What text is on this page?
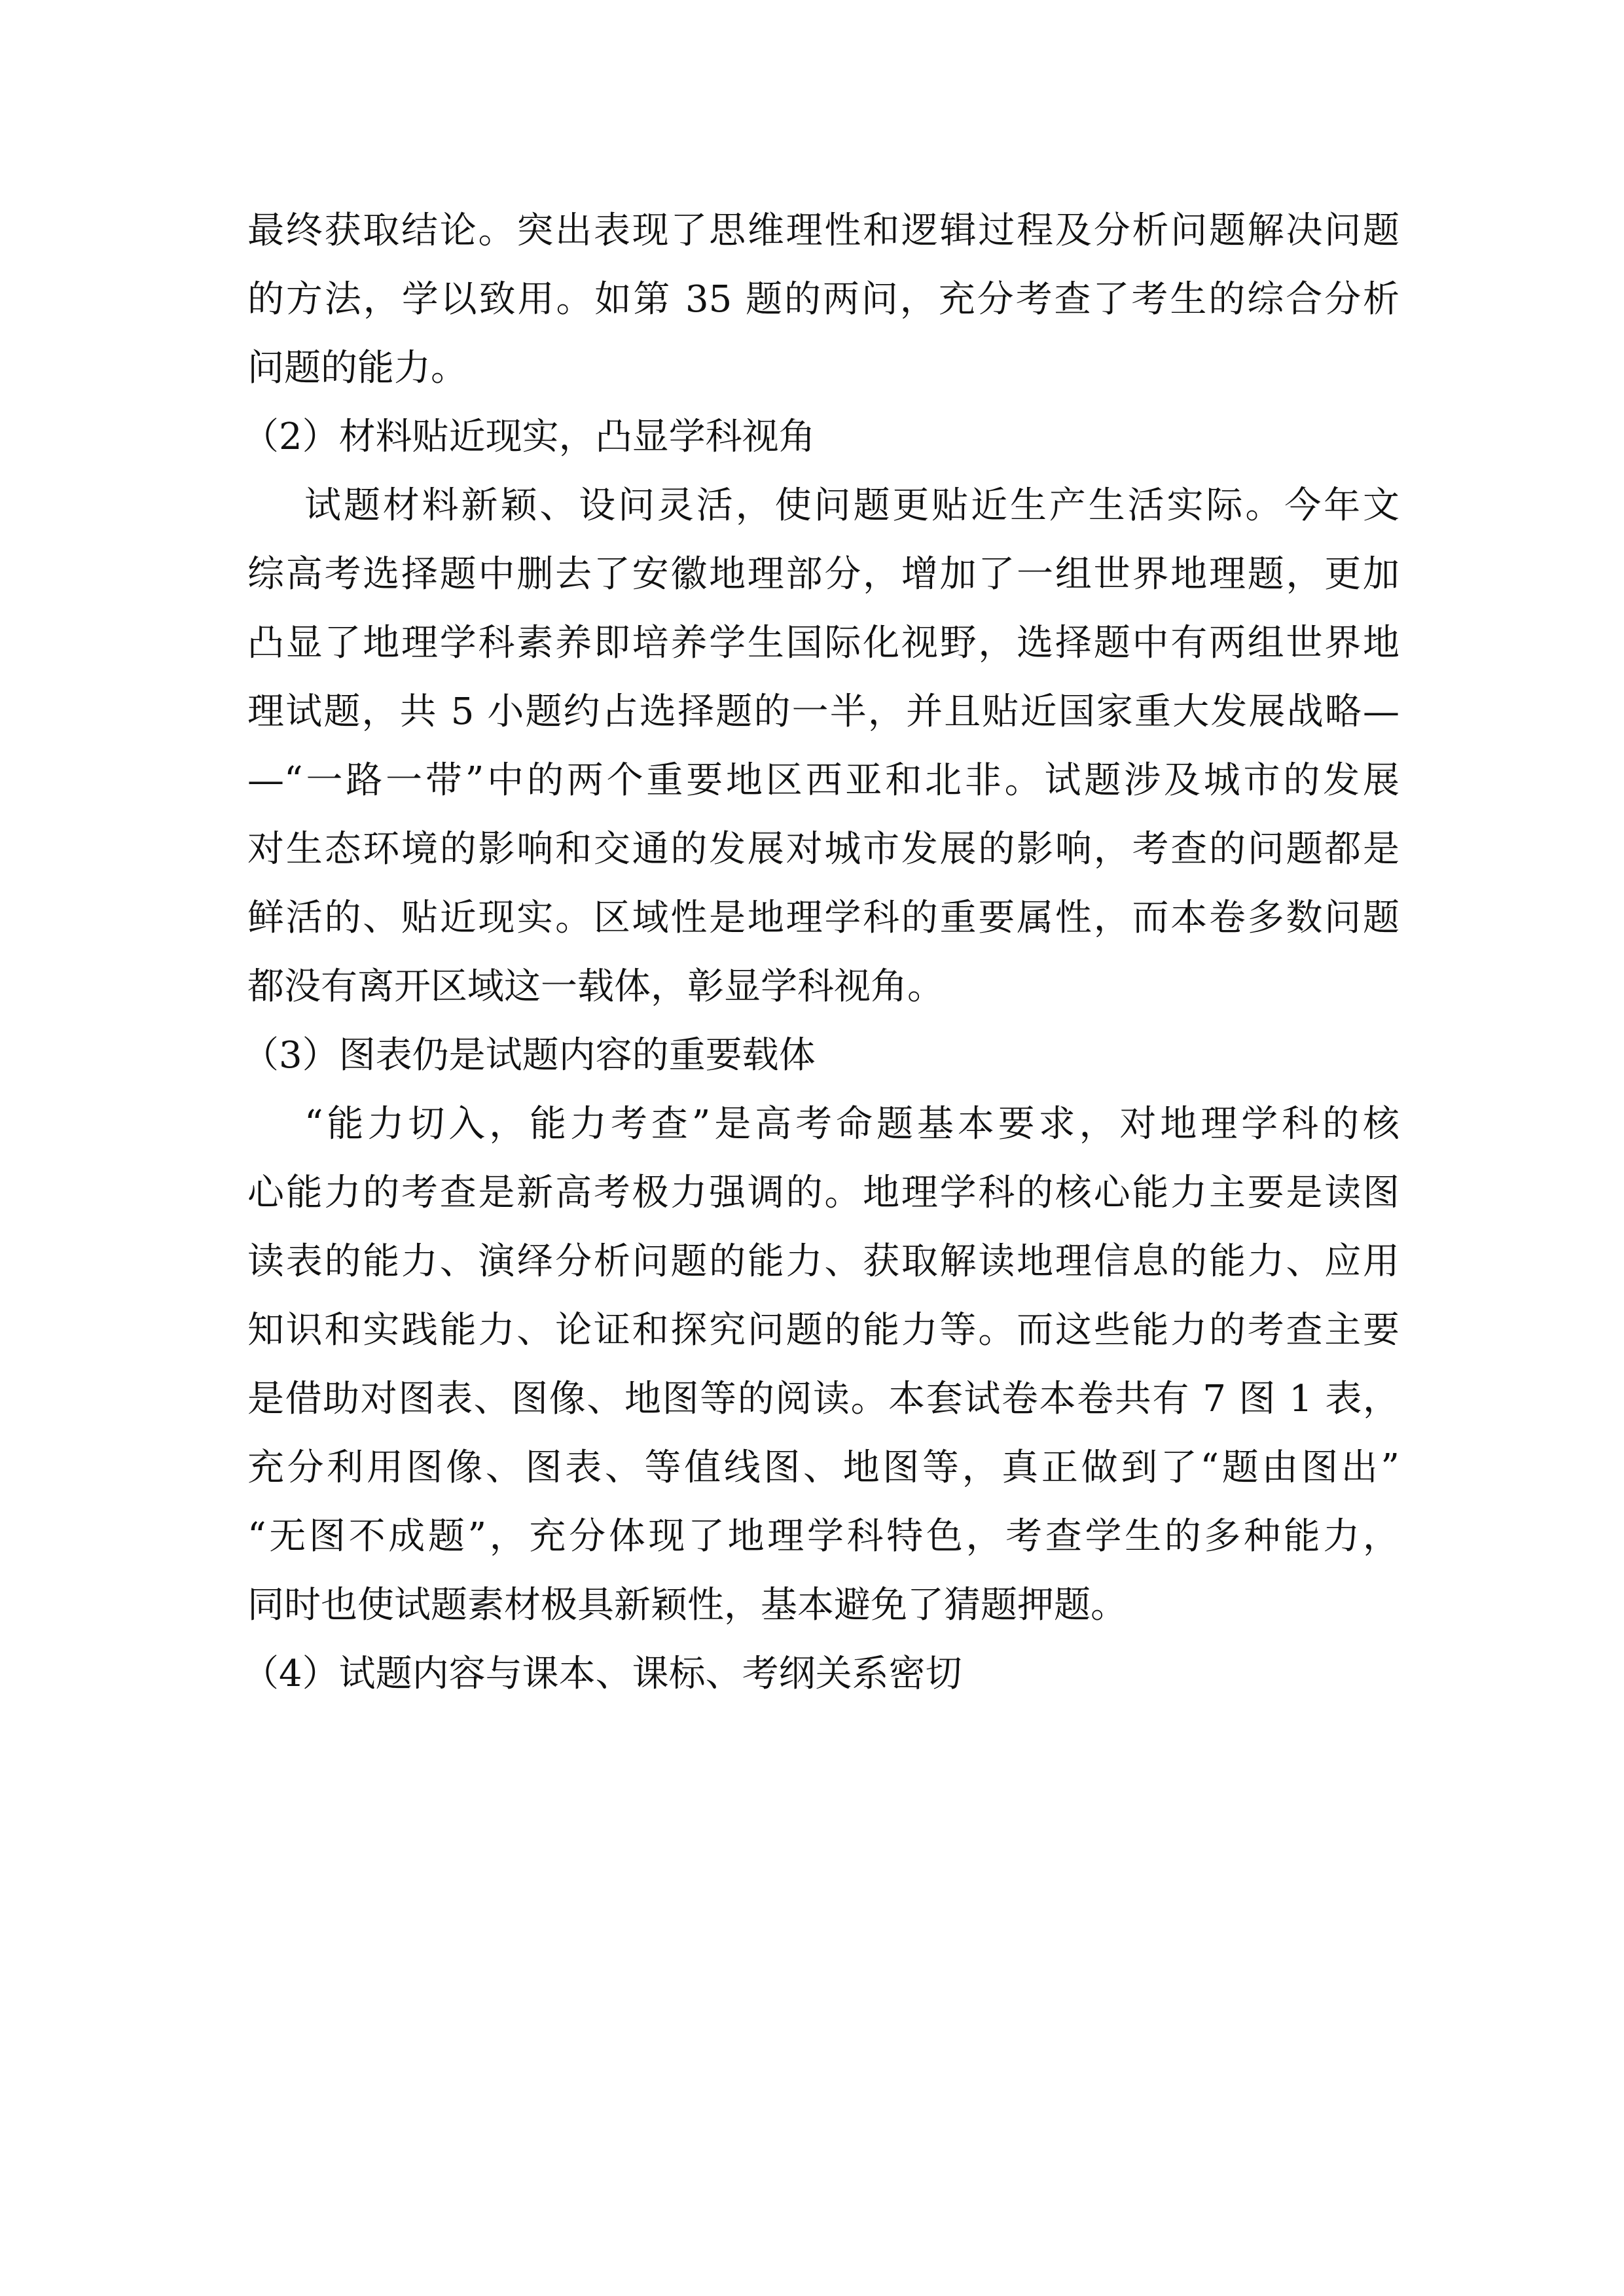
最终获取结论。突出表现了思维理性和逻辑过程及分析问题解决问题
的方法，学以致用。如第 35 题的两问，充分考查了考生的综合分析
问题的能力。
（2）材料贴近现实，凸显学科视角
试题材料新颖、设问灵活，使问题更贴近生产生活实际。今年文
综高考选择题中删去了安徽地理部分，增加了一组世界地理题，更加
凸显了地理学科素养即培养学生国际化视野，选择题中有两组世界地
理试题，共 5 小题约占选择题的一半，并且贴近国家重大发展战略—
—“一路一带”中的两个重要地区西亚和北非。试题涉及城市的发展
对生态环境的影响和交通的发展对城市发展的影响，考查的问题都是
鲜活的、贴近现实。区域性是地理学科的重要属性，而本卷多数问题
都没有离开区域这一载体，彰显学科视角。
（3）图表仍是试题内容的重要载体
“能力切入，能力考查”是高考命题基本要求，对地理学科的核
心能力的考查是新高考极力强调的。地理学科的核心能力主要是读图
读表的能力、演绎分析问题的能力、获取解读地理信息的能力、应用
知识和实践能力、论证和探究问题的能力等。而这些能力的考查主要
是借助对图表、图像、地图等的阅读。本套试卷本卷共有 7 图 1 表，
充分利用图像、图表、等值线图、地图等，真正做到了“题由图出”
“无图不成题”，充分体现了地理学科特色，考查学生的多种能力，
同时也使试题素材极具新颖性，基本避免了猜题押题。
（4）试题内容与课本、课标、考纲关系密切
